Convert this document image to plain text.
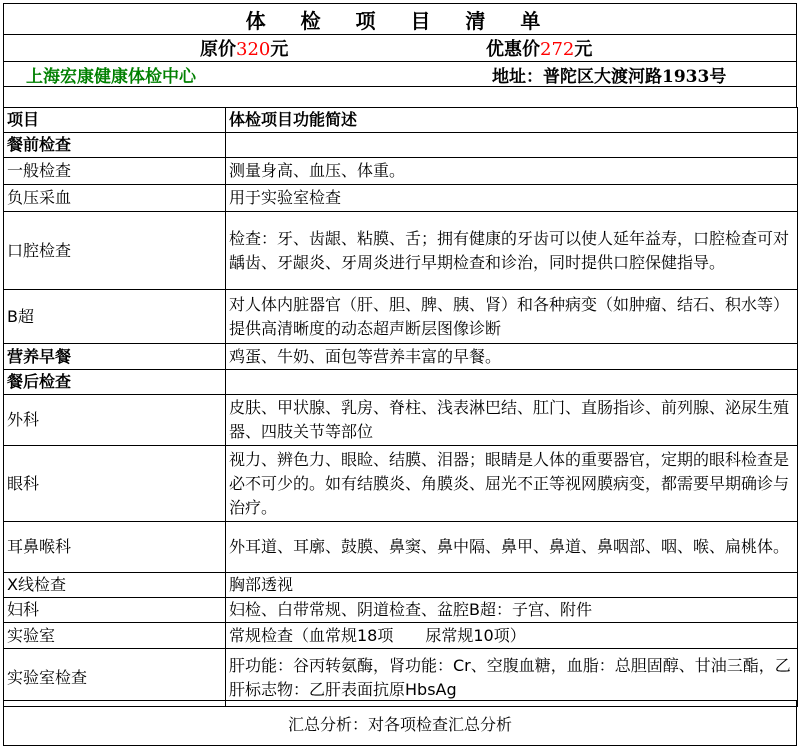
体 检 项 目 清 单
原价320元	优惠价272元
上海宏康健康体检中心	地址：普陀区大渡河路1933号
项目	体检项目功能简述
餐前检查	
一般检查	测量身高、血压、体重。
负压采血	用于实验室检查
口腔检查	检查：牙、齿龈、粘膜、舌；拥有健康的牙齿可以使人延年益寿，口腔检查可对龋齿、牙龈炎、牙周炎进行早期检查和诊治，同时提供口腔保健指导。
B超	对人体内脏器官（肝、胆、脾、胰、肾）和各种病变（如肿瘤、结石、积水等）提供高清晰度的动态超声断层图像诊断
营养早餐	鸡蛋、牛奶、面包等营养丰富的早餐。
餐后检查	
外科	皮肤、甲状腺、乳房、脊柱、浅表淋巴结、肛门、直肠指诊、前列腺、泌尿生殖器、四肢关节等部位
眼科	视力、辨色力、眼睑、结膜、泪器；眼睛是人体的重要器官，定期的眼科检查是必不可少的。如有结膜炎、角膜炎、屈光不正等视网膜病变，都需要早期确诊与治疗。
耳鼻喉科	外耳道、耳廓、鼓膜、鼻窦、鼻中隔、鼻甲、鼻道、鼻咽部、咽、喉、扁桃体。
X线检查	胸部透视
妇科	妇检、白带常规、阴道检查、盆腔B超：子宫、附件
实验室	常规检查（血常规18项　　尿常规10项）
实验室检查	肝功能：谷丙转氨酶，肾功能：Cr、空腹血糖，血脂：总胆固醇、甘油三酯，乙肝标志物：乙肝表面抗原HbsAg
汇总分析：对各项检查汇总分析
